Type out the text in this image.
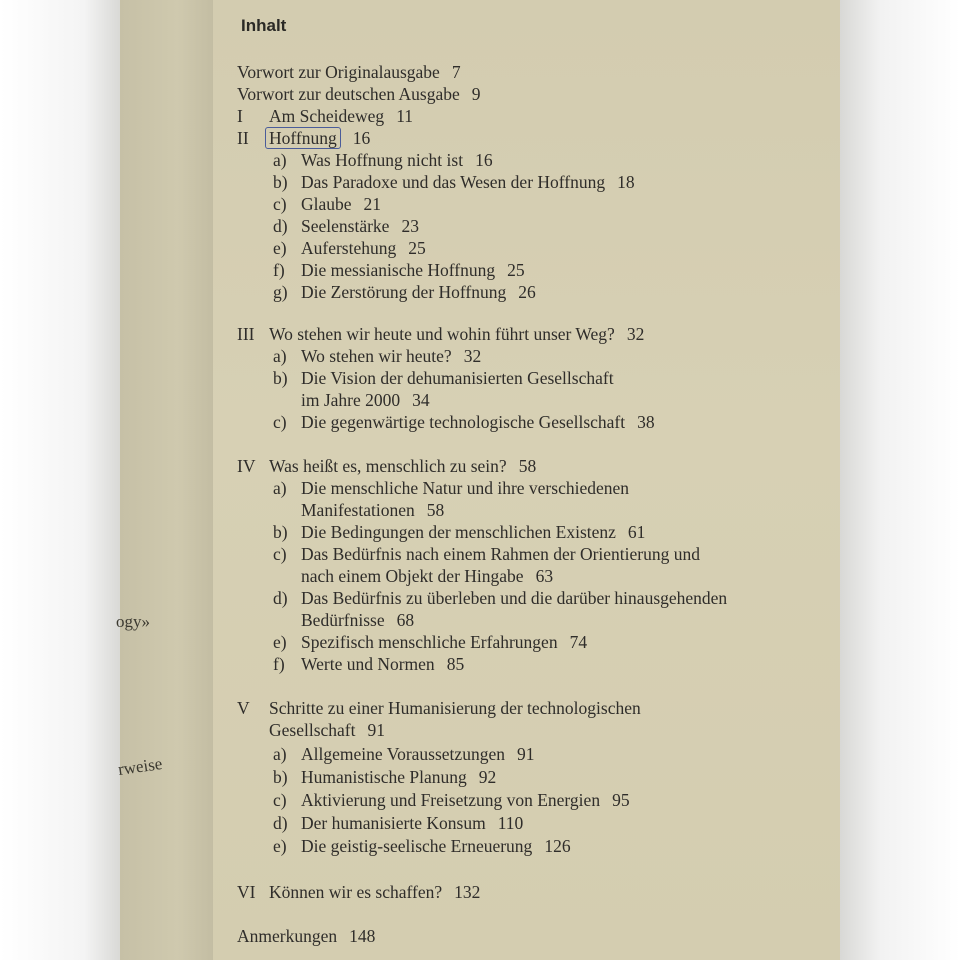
ogy»
rweise
Inhalt
Vorwort zur Originalausgabe 7
Vorwort zur deutschen Ausgabe 9
I Am Scheideweg 11
II Hoffnung 16
a) Was Hoffnung nicht ist 16
b) Das Paradoxe und das Wesen der Hoffnung 18
c) Glaube 21
d) Seelenstärke 23
e) Auferstehung 25
f) Die messianische Hoffnung 25
g) Die Zerstörung der Hoffnung 26
III Wo stehen wir heute und wohin führt unser Weg? 32
a) Wo stehen wir heute? 32
b) Die Vision der dehumanisierten Gesellschaft
im Jahre 2000 34
c) Die gegenwärtige technologische Gesellschaft 38
IV Was heißt es, menschlich zu sein? 58
a) Die menschliche Natur und ihre verschiedenen
Manifestationen 58
b) Die Bedingungen der menschlichen Existenz 61
c) Das Bedürfnis nach einem Rahmen der Orientierung und
nach einem Objekt der Hingabe 63
d) Das Bedürfnis zu überleben und die darüber hinausgehenden
Bedürfnisse 68
e) Spezifisch menschliche Erfahrungen 74
f) Werte und Normen 85
V Schritte zu einer Humanisierung der technologischen
Gesellschaft 91
a) Allgemeine Voraussetzungen 91
b) Humanistische Planung 92
c) Aktivierung und Freisetzung von Energien 95
d) Der humanisierte Konsum 110
e) Die geistig-seelische Erneuerung 126
VI Können wir es schaffen? 132
Anmerkungen 148
